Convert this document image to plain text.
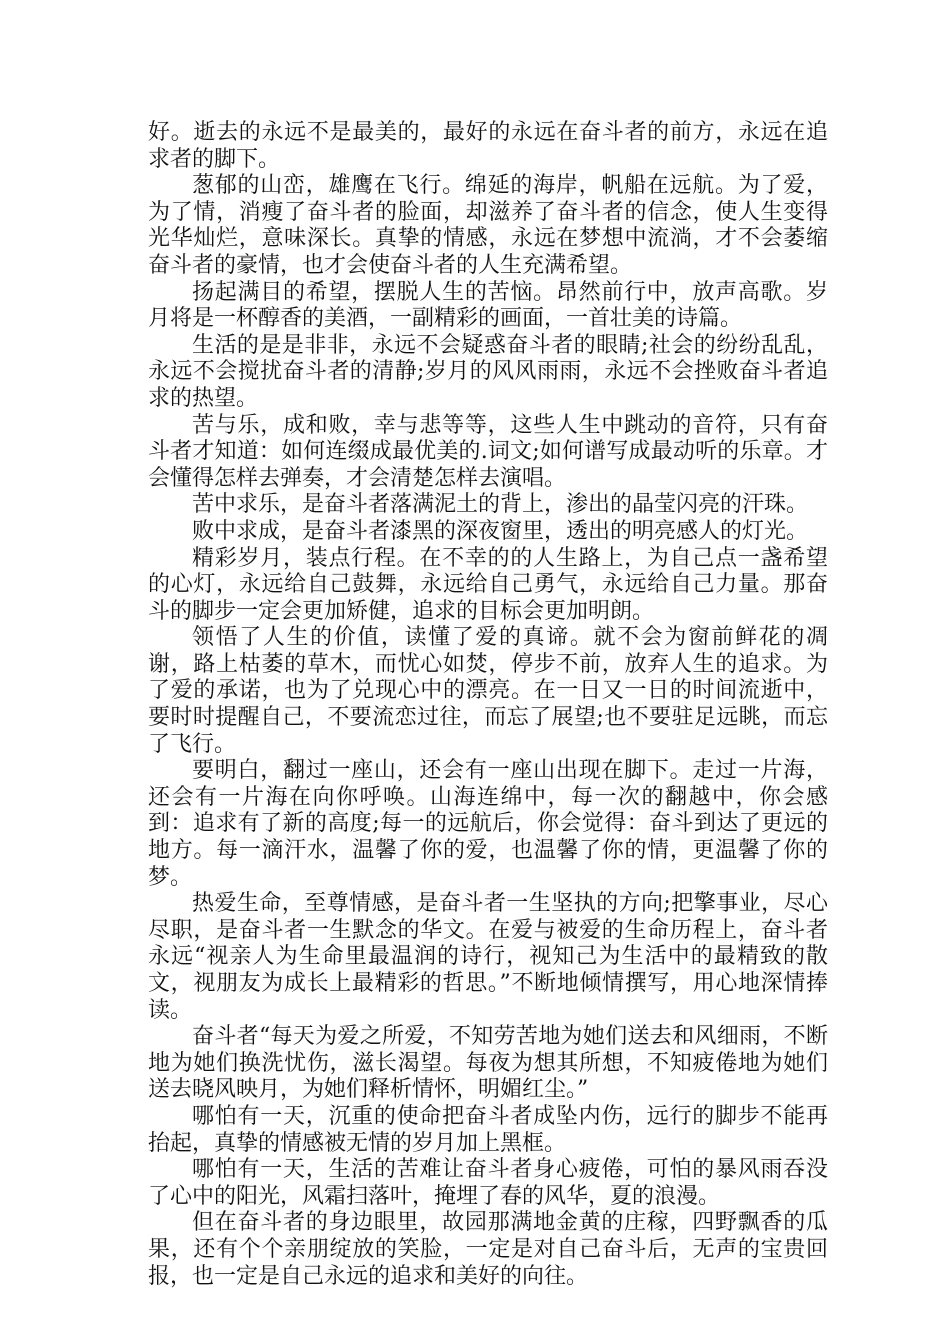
好。逝去的永远不是最美的，最好的永远在奋斗者的前方，永远在追求者的脚下。

葱郁的山峦，雄鹰在飞行。绵延的海岸，帆船在远航。为了爱，为了情，消瘦了奋斗者的脸面，却滋养了奋斗者的信念，使人生变得光华灿烂，意味深长。真挚的情感，永远在梦想中流淌，才不会萎缩奋斗者的豪情，也才会使奋斗者的人生充满希望。

扬起满目的希望，摆脱人生的苦恼。昂然前行中，放声高歌。岁月将是一杯醇香的美酒，一副精彩的画面，一首壮美的诗篇。

生活的是是非非，永远不会疑惑奋斗者的眼睛;社会的纷纷乱乱，永远不会搅扰奋斗者的清静;岁月的风风雨雨，永远不会挫败奋斗者追求的热望。

苦与乐，成和败，幸与悲等等，这些人生中跳动的音符，只有奋斗者才知道：如何连缀成最优美的.词文;如何谱写成最动听的乐章。才会懂得怎样去弹奏，才会清楚怎样去演唱。

苦中求乐，是奋斗者落满泥土的背上，渗出的晶莹闪亮的汗珠。

败中求成，是奋斗者漆黑的深夜窗里，透出的明亮感人的灯光。

精彩岁月，装点行程。在不幸的的人生路上，为自己点一盏希望的心灯，永远给自己鼓舞，永远给自己勇气，永远给自己力量。那奋斗的脚步一定会更加矫健，追求的目标会更加明朗。

领悟了人生的价值，读懂了爱的真谛。就不会为窗前鲜花的凋谢，路上枯萎的草木，而忧心如焚，停步不前，放弃人生的追求。为了爱的承诺，也为了兑现心中的漂亮。在一日又一日的时间流逝中，要时时提醒自己，不要流恋过往，而忘了展望;也不要驻足远眺，而忘了飞行。

要明白，翻过一座山，还会有一座山出现在脚下。走过一片海，还会有一片海在向你呼唤。山海连绵中，每一次的翻越中，你会感到：追求有了新的高度;每一的远航后，你会觉得：奋斗到达了更远的地方。每一滴汗水，温馨了你的爱，也温馨了你的情，更温馨了你的梦。

热爱生命，至尊情感，是奋斗者一生坚执的方向;把擎事业，尽心尽职，是奋斗者一生默念的华文。在爱与被爱的生命历程上，奋斗者永远“视亲人为生命里最温润的诗行，视知己为生活中的最精致的散文，视朋友为成长上最精彩的哲思。”不断地倾情撰写，用心地深情捧读。

奋斗者“每天为爱之所爱，不知劳苦地为她们送去和风细雨，不断地为她们换洗忧伤，滋长渴望。每夜为想其所想，不知疲倦地为她们送去晓风映月，为她们释析情怀，明媚红尘。”

哪怕有一天，沉重的使命把奋斗者成坠内伤，远行的脚步不能再抬起，真挚的情感被无情的岁月加上黑框。

哪怕有一天，生活的苦难让奋斗者身心疲倦，可怕的暴风雨吞没了心中的阳光，风霜扫落叶，掩埋了春的风华，夏的浪漫。

但在奋斗者的身边眼里，故园那满地金黄的庄稼，四野飘香的瓜果，还有个个亲朋绽放的笑脸，一定是对自己奋斗后，无声的宝贵回报，也一定是自己永远的追求和美好的向往。
